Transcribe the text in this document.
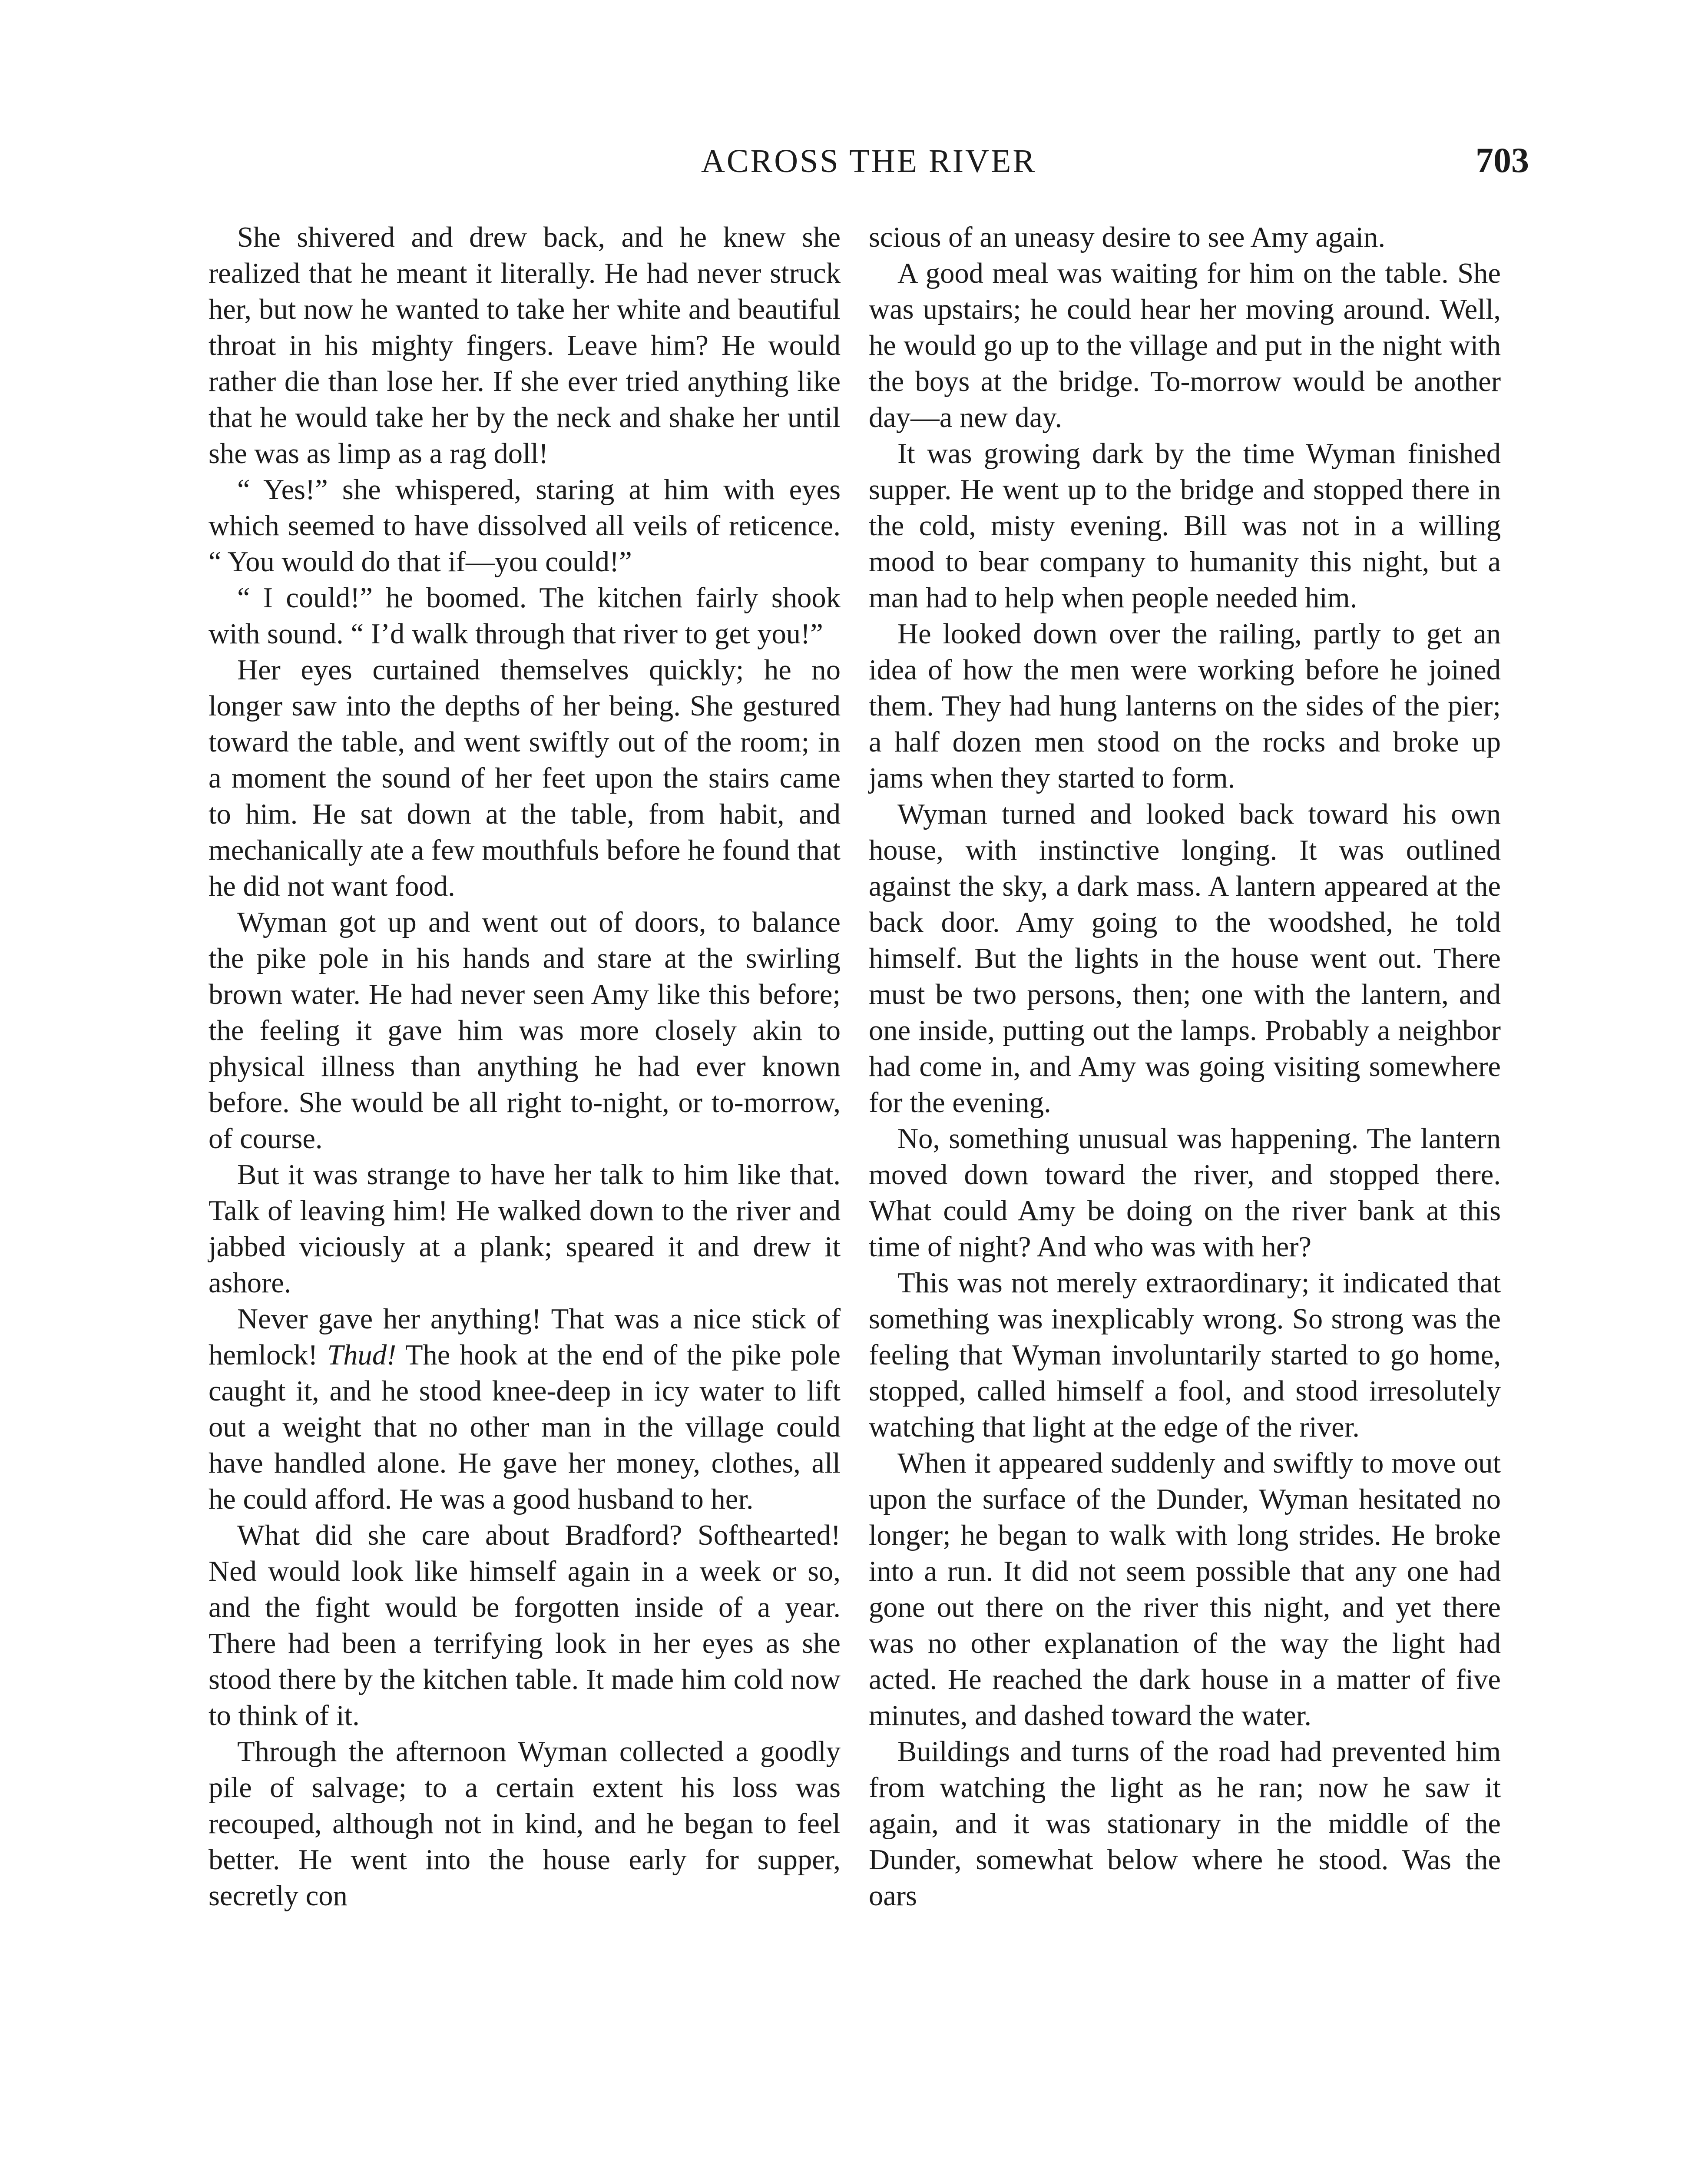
ACROSS THE RIVER	703

She shivered and drew back, and he knew she realized that he meant it literally. He had never struck her, but now he wanted to take her white and beautiful throat in his mighty fingers. Leave him? He would rather die than lose her. If she ever tried anything like that he would take her by the neck and shake her until she was as limp as a rag doll!

“ Yes!” she whispered, staring at him with eyes which seemed to have dissolved all veils of reticence. “ You would do that if—you could!”

“ I could!” he boomed. The kitchen fairly shook with sound. “ I’d walk through that river to get you!”

Her eyes curtained themselves quickly; he no longer saw into the depths of her being. She gestured toward the table, and went swiftly out of the room; in a moment the sound of her feet upon the stairs came to him. He sat down at the table, from habit, and mechanically ate a few mouthfuls before he found that he did not want food.

Wyman got up and went out of doors, to balance the pike pole in his hands and stare at the swirling brown water. He had never seen Amy like this before; the feeling it gave him was more closely akin to physical illness than anything he had ever known before. She would be all right to-night, or to-morrow, of course.

But it was strange to have her talk to him like that. Talk of leaving him! He walked down to the river and jabbed viciously at a plank; speared it and drew it ashore.

Never gave her anything! That was a nice stick of hemlock! Thud! The hook at the end of the pike pole caught it, and he stood knee-deep in icy water to lift out a weight that no other man in the village could have handled alone. He gave her money, clothes, all he could afford. He was a good husband to her.

What did she care about Bradford? Softhearted! Ned would look like himself again in a week or so, and the fight would be forgotten inside of a year. There had been a terrifying look in her eyes as she stood there by the kitchen table. It made him cold now to think of it.

Through the afternoon Wyman collected a goodly pile of salvage; to a certain extent his loss was recouped, although not in kind, and he began to feel better. He went into the house early for supper, secretly con

scious of an uneasy desire to see Amy again.

A good meal was waiting for him on the table. She was upstairs; he could hear her moving around. Well, he would go up to the village and put in the night with the boys at the bridge. To-morrow would be another day—a new day.

It was growing dark by the time Wyman finished supper. He went up to the bridge and stopped there in the cold, misty evening. Bill was not in a willing mood to bear company to humanity this night, but a man had to help when people needed him.

He looked down over the railing, partly to get an idea of how the men were working before he joined them. They had hung lanterns on the sides of the pier; a half dozen men stood on the rocks and broke up jams when they started to form.

Wyman turned and looked back toward his own house, with instinctive longing. It was outlined against the sky, a dark mass. A lantern appeared at the back door. Amy going to the woodshed, he told himself. But the lights in the house went out. There must be two persons, then; one with the lantern, and one inside, putting out the lamps. Probably a neighbor had come in, and Amy was going visiting somewhere for the evening.

No, something unusual was happening. The lantern moved down toward the river, and stopped there. What could Amy be doing on the river bank at this time of night? And who was with her?

This was not merely extraordinary; it indicated that something was inexplicably wrong. So strong was the feeling that Wyman involuntarily started to go home, stopped, called himself a fool, and stood irresolutely watching that light at the edge of the river.

When it appeared suddenly and swiftly to move out upon the surface of the Dunder, Wyman hesitated no longer; he began to walk with long strides. He broke into a run. It did not seem possible that any one had gone out there on the river this night, and yet there was no other explanation of the way the light had acted. He reached the dark house in a matter of five minutes, and dashed toward the water.

Buildings and turns of the road had prevented him from watching the light as he ran; now he saw it again, and it was stationary in the middle of the Dunder, somewhat below where he stood. Was the oars
